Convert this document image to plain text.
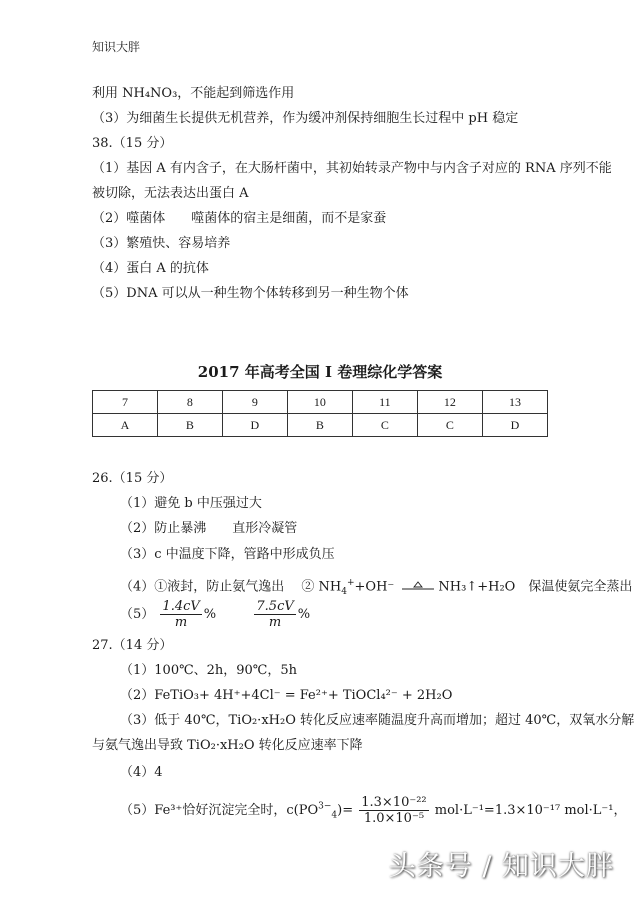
知识大胖
利用 NH₄NO₃，不能起到筛选作用
（3）为细菌生长提供无机营养，作为缓冲剂保持细胞生长过程中 pH 稳定
38.（15 分）
（1）基因 A 有内含子，在大肠杆菌中，其初始转录产物中与内含子对应的 RNA 序列不能
被切除，无法表达出蛋白 A
（2）噬菌体　　噬菌体的宿主是细菌，而不是家蚕
（3）繁殖快、容易培养
（4）蛋白 A 的抗体
（5）DNA 可以从一种生物个体转移到另一种生物个体
2017 年高考全国 I 卷理综化学答案
7	8	9	10	11	12	13
A	B	D	B	C	C	D
26.（15 分）
（1）避免 b 中压强过大
（2）防止暴沸　　直形冷凝管
（3）c 中温度下降，管路中形成负压
（4）①液封，防止氨气逸出　 ② $NH_4^++OH^-$	NH₃↑+H₂O　保温使氨完全蒸出
$(5) \frac{1.4cV}{m}$ %	$\frac{7.5cV}{m}$ %
27.（14 分）
（1）100℃、2h，90℃，5h
（2）FeTiO₃+ 4H⁺+4Cl⁻ = Fe²⁺+ TiOCl₄²⁻ + 2H₂O
（3）低于 40℃，TiO₂·xH₂O 转化反应速率随温度升高而增加；超过 40℃，双氧水分解
与氨气逸出导致 TiO₂·xH₂O 转化反应速率下降
（4）4
（5）Fe³⁺恰好沉淀完全时，$c(PO^{3-}_4)= \frac{\text{1.3×10⁻²²}}{\text{1.0×10⁻⁵}} mol\cdot L^{-1}=1.3\times 10^{-17}$ mol·L⁻¹，
头条号 / 知识大胖
